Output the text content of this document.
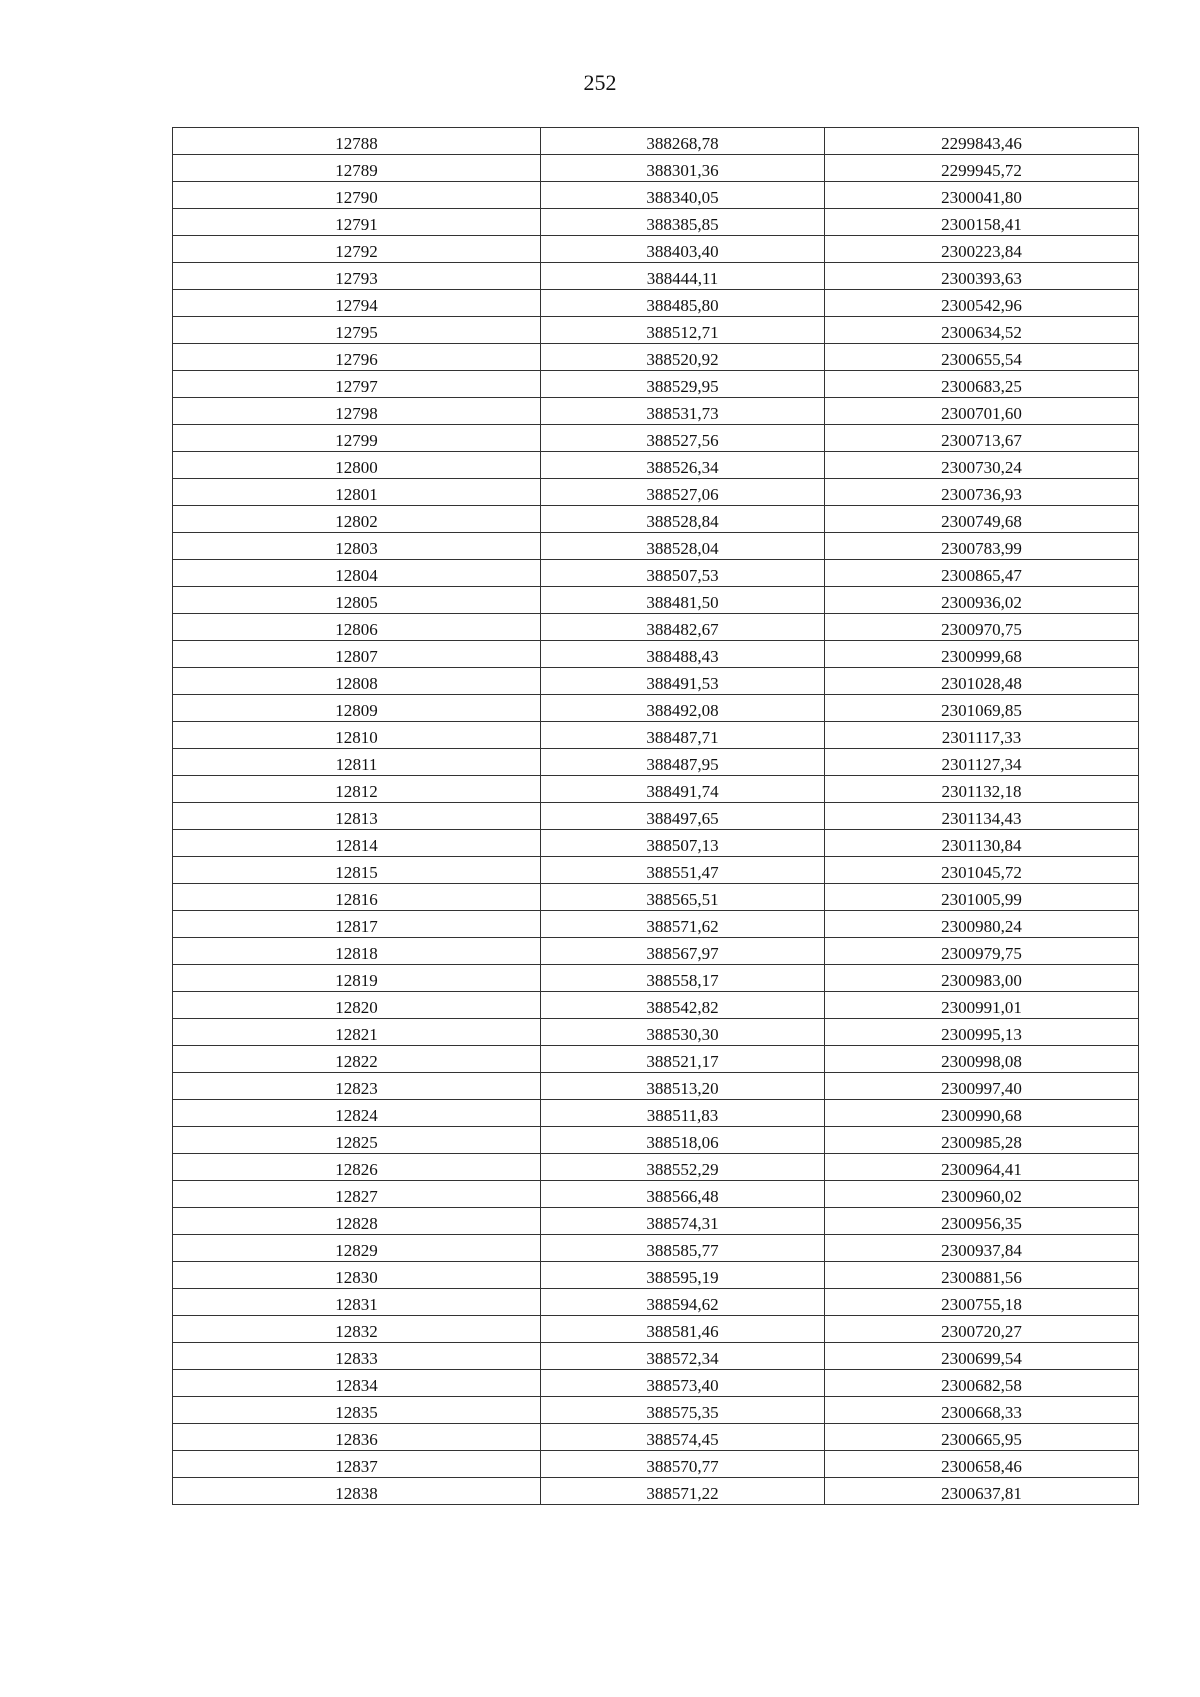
252
12788	388268,78	2299843,46
12789	388301,36	2299945,72
12790	388340,05	2300041,80
12791	388385,85	2300158,41
12792	388403,40	2300223,84
12793	388444,11	2300393,63
12794	388485,80	2300542,96
12795	388512,71	2300634,52
12796	388520,92	2300655,54
12797	388529,95	2300683,25
12798	388531,73	2300701,60
12799	388527,56	2300713,67
12800	388526,34	2300730,24
12801	388527,06	2300736,93
12802	388528,84	2300749,68
12803	388528,04	2300783,99
12804	388507,53	2300865,47
12805	388481,50	2300936,02
12806	388482,67	2300970,75
12807	388488,43	2300999,68
12808	388491,53	2301028,48
12809	388492,08	2301069,85
12810	388487,71	2301117,33
12811	388487,95	2301127,34
12812	388491,74	2301132,18
12813	388497,65	2301134,43
12814	388507,13	2301130,84
12815	388551,47	2301045,72
12816	388565,51	2301005,99
12817	388571,62	2300980,24
12818	388567,97	2300979,75
12819	388558,17	2300983,00
12820	388542,82	2300991,01
12821	388530,30	2300995,13
12822	388521,17	2300998,08
12823	388513,20	2300997,40
12824	388511,83	2300990,68
12825	388518,06	2300985,28
12826	388552,29	2300964,41
12827	388566,48	2300960,02
12828	388574,31	2300956,35
12829	388585,77	2300937,84
12830	388595,19	2300881,56
12831	388594,62	2300755,18
12832	388581,46	2300720,27
12833	388572,34	2300699,54
12834	388573,40	2300682,58
12835	388575,35	2300668,33
12836	388574,45	2300665,95
12837	388570,77	2300658,46
12838	388571,22	2300637,81
